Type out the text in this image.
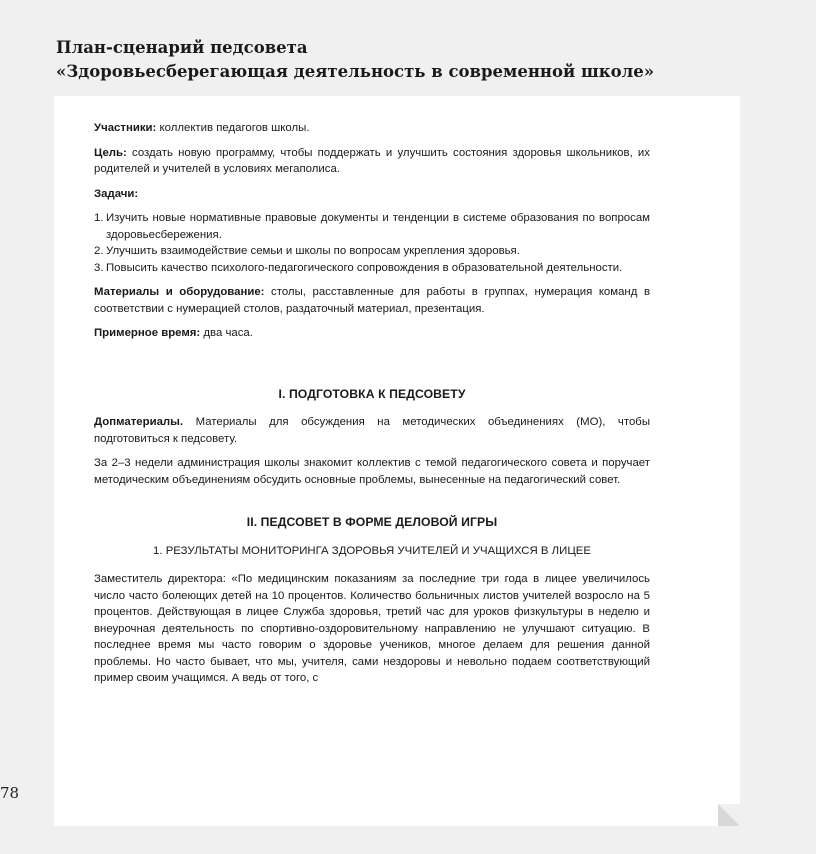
План-сценарий педсовета
«Здоровьесберегающая деятельность в современной школе»
78

Участники: коллектив педагогов школы.

Цель: создать новую программу, чтобы поддержать и улучшить состояния здоровья школьников, их родителей и учителей в условиях мегаполиса.

Задачи:

1. Изучить новые нормативные правовые документы и тенденции в системе образования по вопросам здоровьесбережения.
2. Улучшить взаимодействие семьи и школы по вопросам укрепления здоровья.
3. Повысить качество психолого-педагогического сопровождения в образовательной деятельности.

Материалы и оборудование: столы, расставленные для работы в группах, нумерация команд в соответствии с нумерацией столов, раздаточный материал, презентация.

Примерное время: два часа.

I. ПОДГОТОВКА К ПЕДСОВЕТУ

Допматериалы. Материалы для обсуждения на методических объединениях (МО), чтобы подготовиться к педсовету.

За 2–3 недели администрация школы знакомит коллектив с темой педагогического совета и поручает методическим объединениям обсудить основные проблемы, вынесенные на педагогический совет.

II. ПЕДСОВЕТ В ФОРМЕ ДЕЛОВОЙ ИГРЫ
1. РЕЗУЛЬТАТЫ МОНИТОРИНГА ЗДОРОВЬЯ УЧИТЕЛЕЙ И УЧАЩИХСЯ В ЛИЦЕЕ

Заместитель директора: «По медицинским показаниям за последние три года в лицее увеличилось число часто болеющих детей на 10 процентов. Количество больничных листов учителей возросло на 5 процентов. Действующая в лицее Служба здоровья, третий час для уроков физкультуры в неделю и внеурочная деятельность по спортивно-оздоровительному направлению не улучшают ситуацию. В последнее время мы часто говорим о здоровье учеников, многое делаем для решения данной проблемы. Но часто бывает, что мы, учителя, сами нездоровы и невольно подаем соответствующий пример своим учащимся. А ведь от того, с
